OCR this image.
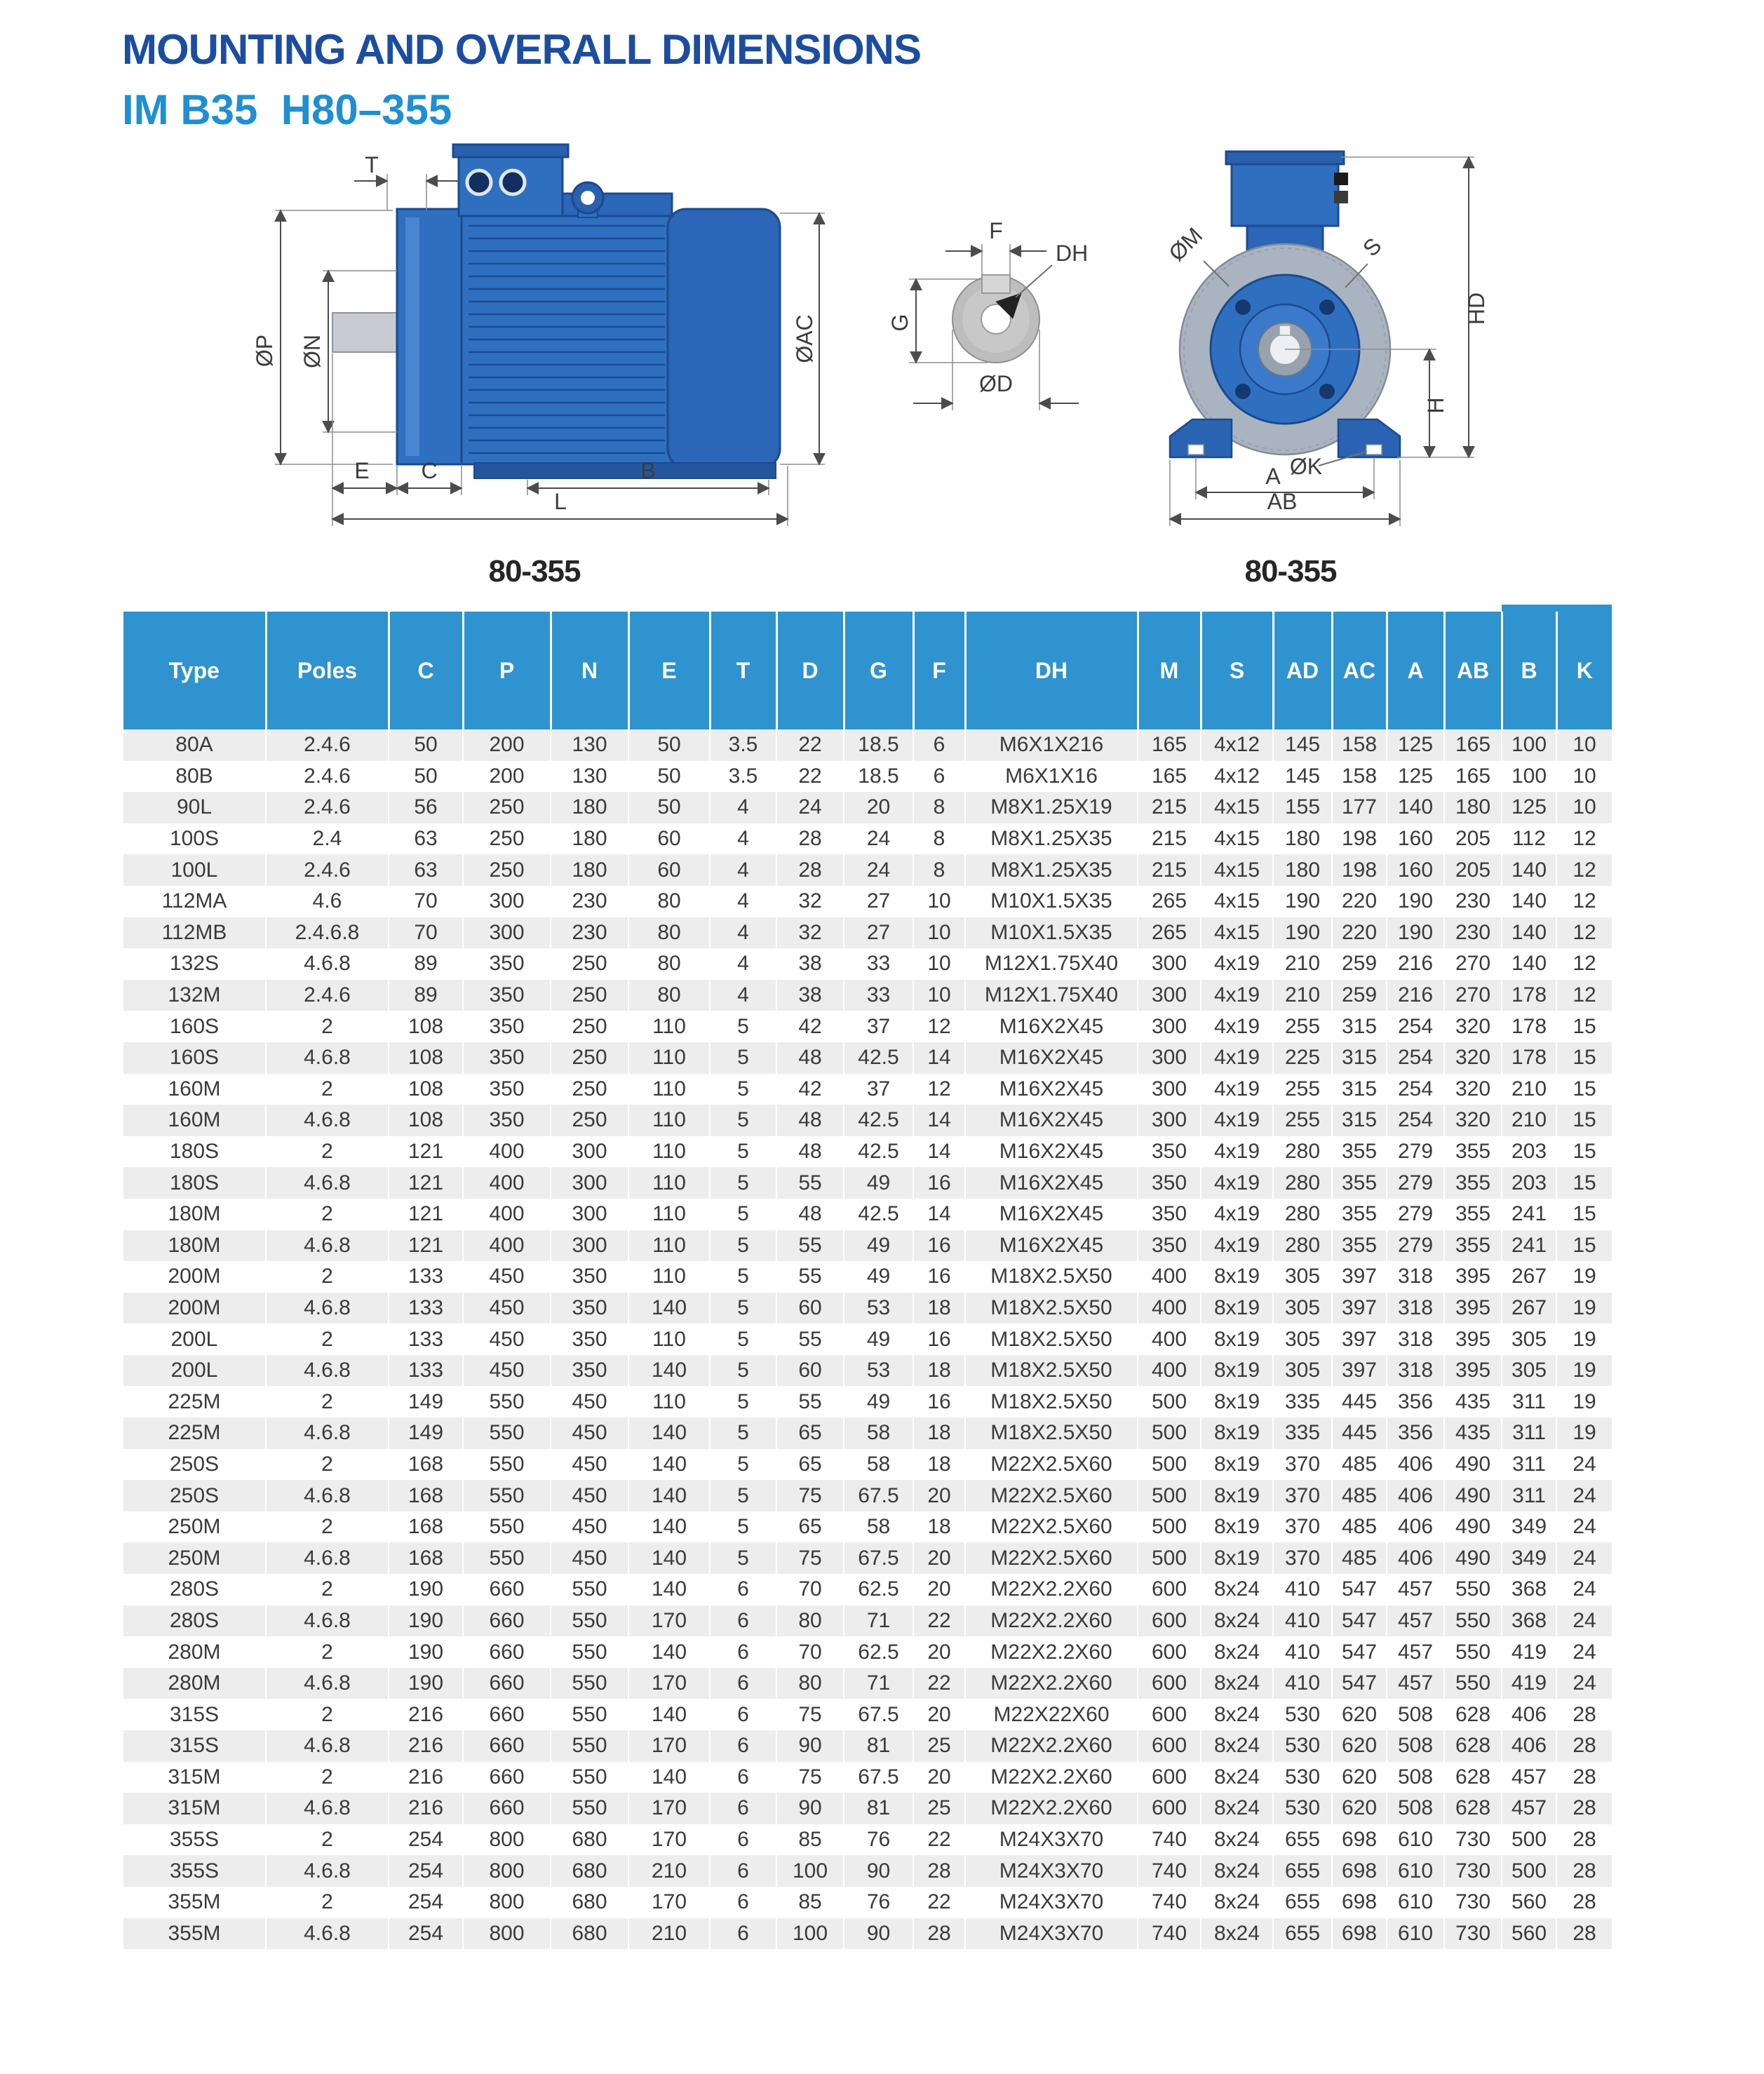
MOUNTING AND OVERALL DIMENSIONS
IM B35  H80–355
T
ØP ØN	ØAC
E C	B
L
F
DH
G
ØD
ØM	S
HD
H
ØK
A
AB
80-355	80-355
Type	Poles	C	P	N	E	T	D	G	F	DH	M	S	AD	AC	A	AB	B	K
80A	2.4.6	50	200	130	50	3.5	22	18.5	6	M6X1X216	165	4x12	145	158	125	165	100	10
80B	2.4.6	50	200	130	50	3.5	22	18.5	6	M6X1X16	165	4x12	145	158	125	165	100	10
90L	2.4.6	56	250	180	50	4	24	20	8	M8X1.25X19	215	4x15	155	177	140	180	125	10
100S	2.4	63	250	180	60	4	28	24	8	M8X1.25X35	215	4x15	180	198	160	205	112	12
100L	2.4.6	63	250	180	60	4	28	24	8	M8X1.25X35	215	4x15	180	198	160	205	140	12
112MA	4.6	70	300	230	80	4	32	27	10	M10X1.5X35	265	4x15	190	220	190	230	140	12
112MB	2.4.6.8	70	300	230	80	4	32	27	10	M10X1.5X35	265	4x15	190	220	190	230	140	12
132S	4.6.8	89	350	250	80	4	38	33	10	M12X1.75X40	300	4x19	210	259	216	270	140	12
132M	2.4.6	89	350	250	80	4	38	33	10	M12X1.75X40	300	4x19	210	259	216	270	178	12
160S	2	108	350	250	110	5	42	37	12	M16X2X45	300	4x19	255	315	254	320	178	15
160S	4.6.8	108	350	250	110	5	48	42.5	14	M16X2X45	300	4x19	225	315	254	320	178	15
160M	2	108	350	250	110	5	42	37	12	M16X2X45	300	4x19	255	315	254	320	210	15
160M	4.6.8	108	350	250	110	5	48	42.5	14	M16X2X45	300	4x19	255	315	254	320	210	15
180S	2	121	400	300	110	5	48	42.5	14	M16X2X45	350	4x19	280	355	279	355	203	15
180S	4.6.8	121	400	300	110	5	55	49	16	M16X2X45	350	4x19	280	355	279	355	203	15
180M	2	121	400	300	110	5	48	42.5	14	M16X2X45	350	4x19	280	355	279	355	241	15
180M	4.6.8	121	400	300	110	5	55	49	16	M16X2X45	350	4x19	280	355	279	355	241	15
200M	2	133	450	350	110	5	55	49	16	M18X2.5X50	400	8x19	305	397	318	395	267	19
200M	4.6.8	133	450	350	140	5	60	53	18	M18X2.5X50	400	8x19	305	397	318	395	267	19
200L	2	133	450	350	110	5	55	49	16	M18X2.5X50	400	8x19	305	397	318	395	305	19
200L	4.6.8	133	450	350	140	5	60	53	18	M18X2.5X50	400	8x19	305	397	318	395	305	19
225M	2	149	550	450	110	5	55	49	16	M18X2.5X50	500	8x19	335	445	356	435	311	19
225M	4.6.8	149	550	450	140	5	65	58	18	M18X2.5X50	500	8x19	335	445	356	435	311	19
250S	2	168	550	450	140	5	65	58	18	M22X2.5X60	500	8x19	370	485	406	490	311	24
250S	4.6.8	168	550	450	140	5	75	67.5	20	M22X2.5X60	500	8x19	370	485	406	490	311	24
250M	2	168	550	450	140	5	65	58	18	M22X2.5X60	500	8x19	370	485	406	490	349	24
250M	4.6.8	168	550	450	140	5	75	67.5	20	M22X2.5X60	500	8x19	370	485	406	490	349	24
280S	2	190	660	550	140	6	70	62.5	20	M22X2.2X60	600	8x24	410	547	457	550	368	24
280S	4.6.8	190	660	550	170	6	80	71	22	M22X2.2X60	600	8x24	410	547	457	550	368	24
280M	2	190	660	550	140	6	70	62.5	20	M22X2.2X60	600	8x24	410	547	457	550	419	24
280M	4.6.8	190	660	550	170	6	80	71	22	M22X2.2X60	600	8x24	410	547	457	550	419	24
315S	2	216	660	550	140	6	75	67.5	20	M22X22X60	600	8x24	530	620	508	628	406	28
315S	4.6.8	216	660	550	170	6	90	81	25	M22X2.2X60	600	8x24	530	620	508	628	406	28
315M	2	216	660	550	140	6	75	67.5	20	M22X2.2X60	600	8x24	530	620	508	628	457	28
315M	4.6.8	216	660	550	170	6	90	81	25	M22X2.2X60	600	8x24	530	620	508	628	457	28
355S	2	254	800	680	170	6	85	76	22	M24X3X70	740	8x24	655	698	610	730	500	28
355S	4.6.8	254	800	680	210	6	100	90	28	M24X3X70	740	8x24	655	698	610	730	500	28
355M	2	254	800	680	170	6	85	76	22	M24X3X70	740	8x24	655	698	610	730	560	28
355M	4.6.8	254	800	680	210	6	100	90	28	M24X3X70	740	8x24	655	698	610	730	560	28
